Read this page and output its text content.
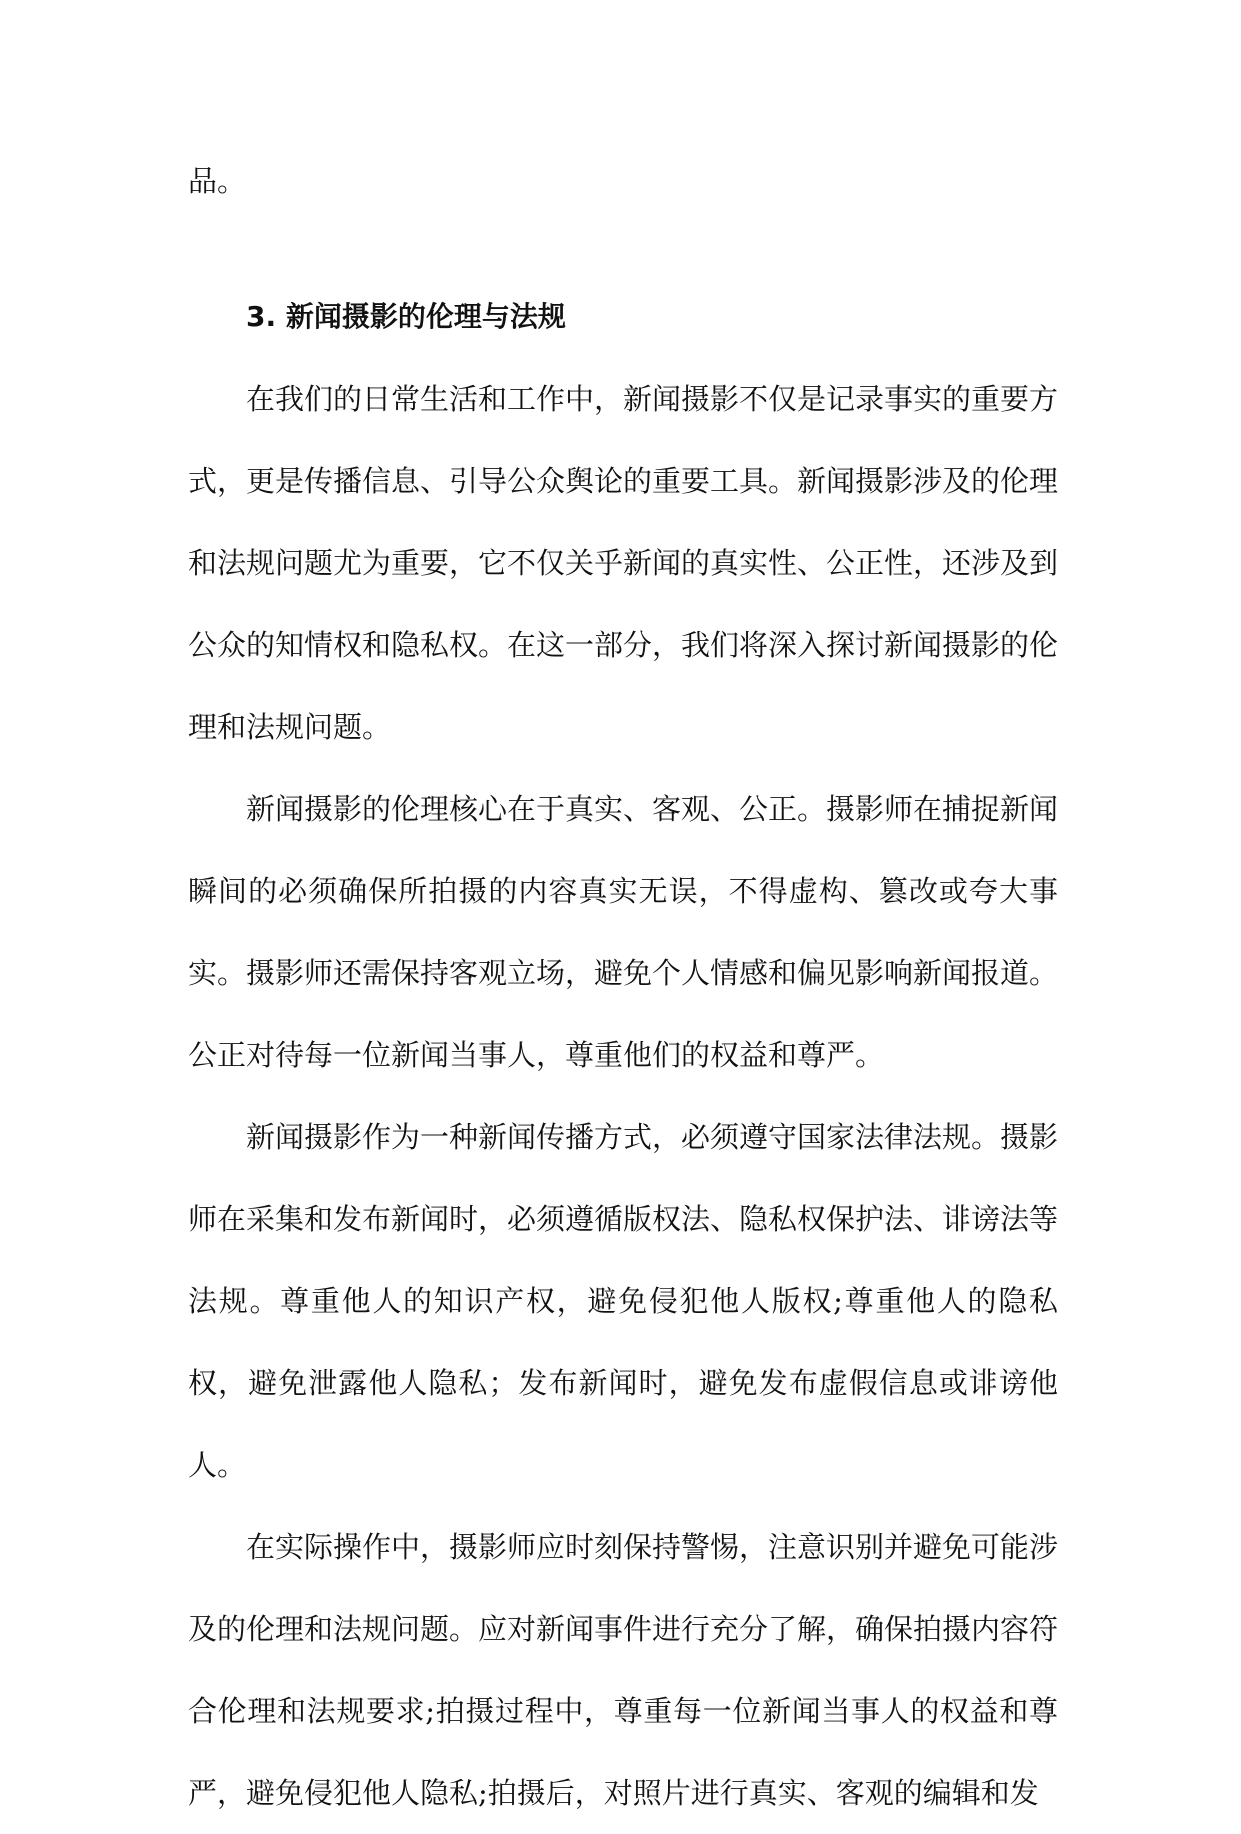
品。

3. 新闻摄影的伦理与法规

在我们的日常生活和工作中，新闻摄影不仅是记录事实的重要方式，更是传播信息、引导公众舆论的重要工具。新闻摄影涉及的伦理和法规问题尤为重要，它不仅关乎新闻的真实性、公正性，还涉及到公众的知情权和隐私权。在这一部分，我们将深入探讨新闻摄影的伦理和法规问题。

新闻摄影的伦理核心在于真实、客观、公正。摄影师在捕捉新闻瞬间的必须确保所拍摄的内容真实无误，不得虚构、篡改或夸大事实。摄影师还需保持客观立场，避免个人情感和偏见影响新闻报道。公正对待每一位新闻当事人，尊重他们的权益和尊严。

新闻摄影作为一种新闻传播方式，必须遵守国家法律法规。摄影师在采集和发布新闻时，必须遵循版权法、隐私权保护法、诽谤法等法规。尊重他人的知识产权，避免侵犯他人版权;尊重他人的隐私权，避免泄露他人隐私；发布新闻时，避免发布虚假信息或诽谤他人。

在实际操作中，摄影师应时刻保持警惕，注意识别并避免可能涉及的伦理和法规问题。应对新闻事件进行充分了解，确保拍摄内容符合伦理和法规要求;拍摄过程中，尊重每一位新闻当事人的权益和尊严，避免侵犯他人隐私;拍摄后，对照片进行真实、客观的编辑和发
